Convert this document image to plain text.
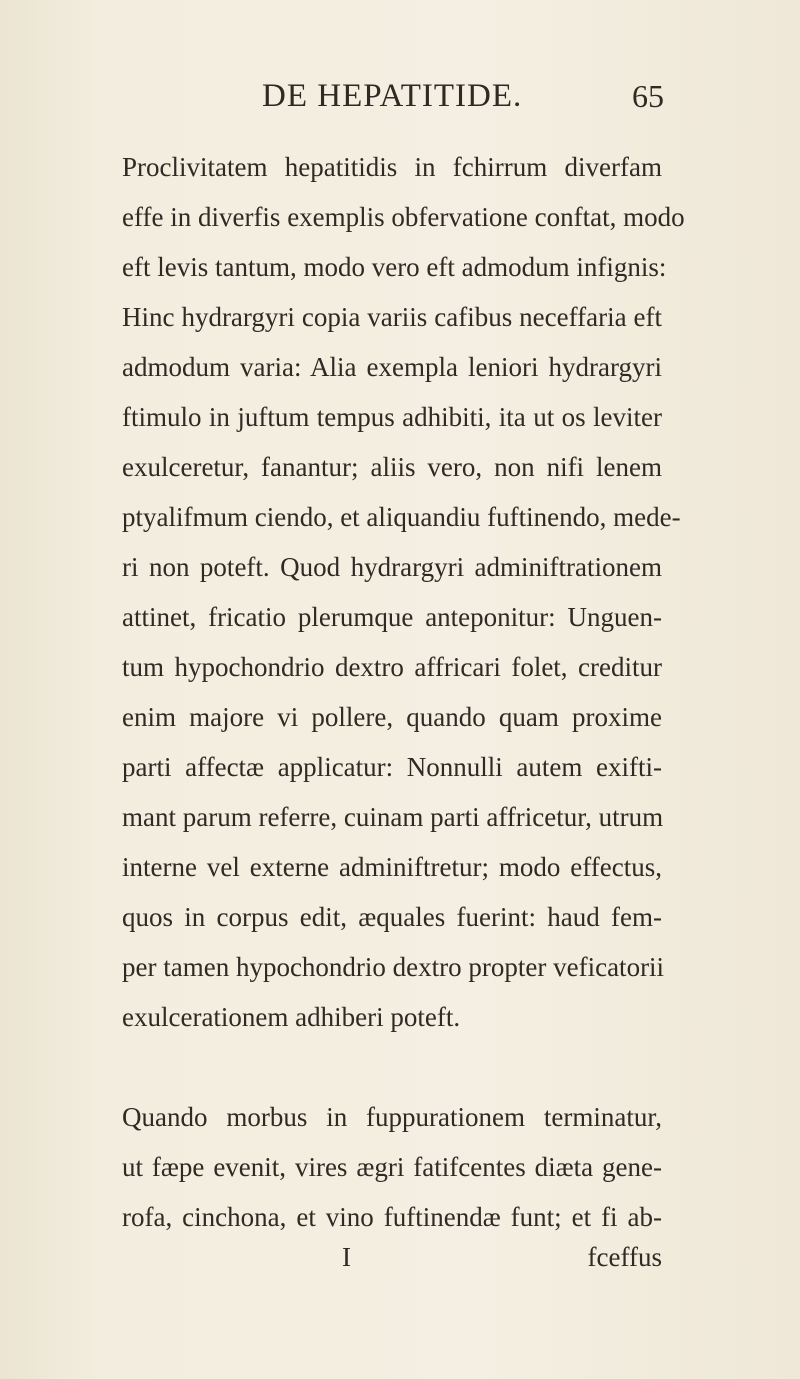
DE HEPATITIDE.	65
Proclivitatem hepatitidis in fchirrum diverfam
effe in diverfis exemplis obfervatione conftat, modo
eft levis tantum, modo vero eft admodum infignis:
Hinc hydrargyri copia variis cafibus neceffaria eft
admodum varia: Alia exempla leniori hydrargyri
ftimulo in juftum tempus adhibiti, ita ut os leviter
exulceretur, fanantur; aliis vero, non nifi lenem
ptyalifmum ciendo, et aliquandiu fuftinendo, mede-
ri non poteft. Quod hydrargyri adminiftrationem
attinet, fricatio plerumque anteponitur: Unguen-
tum hypochondrio dextro affricari folet, creditur
enim majore vi pollere, quando quam proxime
parti affectæ applicatur: Nonnulli autem exifti-
mant parum referre, cuinam parti affricetur, utrum
interne vel externe adminiftretur; modo effectus,
quos in corpus edit, æquales fuerint: haud fem-
per tamen hypochondrio dextro propter veficatorii
exulcerationem adhiberi poteft.
Quando morbus in fuppurationem terminatur,
ut fæpe evenit, vires ægri fatifcentes diæta gene-
rofa, cinchona, et vino fuftinendæ funt; et fi ab-
I	fceffus
